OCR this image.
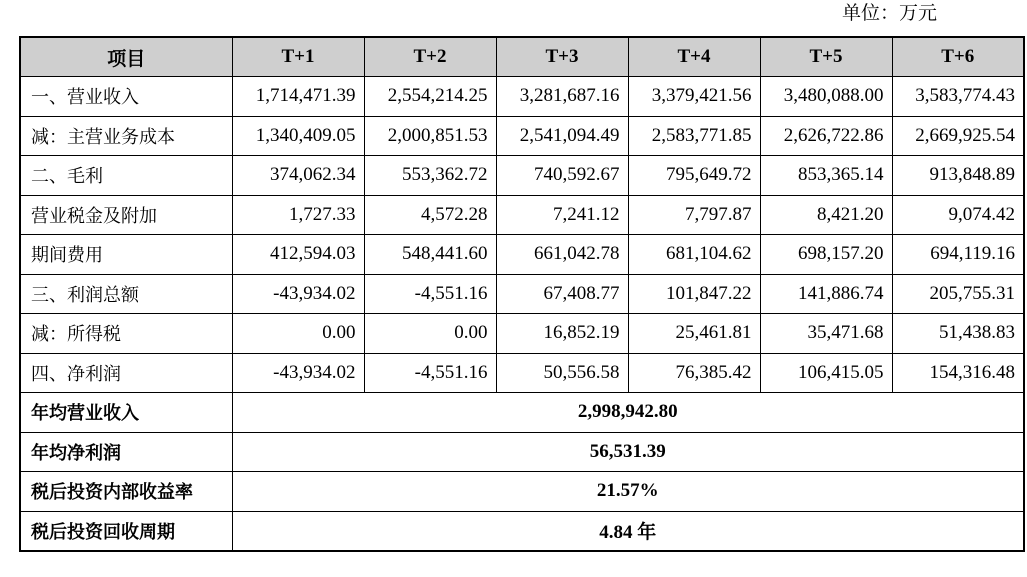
单位：万元
项目	T+1	T+2	T+3	T+4	T+5	T+6
一、营业收入	1,714,471.39	2,554,214.25	3,281,687.16	3,379,421.56	3,480,088.00	3,583,774.43
减：主营业务成本	1,340,409.05	2,000,851.53	2,541,094.49	2,583,771.85	2,626,722.86	2,669,925.54
二、毛利	374,062.34	553,362.72	740,592.67	795,649.72	853,365.14	913,848.89
营业税金及附加	1,727.33	4,572.28	7,241.12	7,797.87	8,421.20	9,074.42
期间费用	412,594.03	548,441.60	661,042.78	681,104.62	698,157.20	694,119.16
三、利润总额	-43,934.02	-4,551.16	67,408.77	101,847.22	141,886.74	205,755.31
减：所得税	0.00	0.00	16,852.19	25,461.81	35,471.68	51,438.83
四、净利润	-43,934.02	-4,551.16	50,556.58	76,385.42	106,415.05	154,316.48
年均营业收入	2,998,942.80					
年均净利润	56,531.39					
税后投资内部收益率	21.57%					
税后投资回收周期	4.84 年					
